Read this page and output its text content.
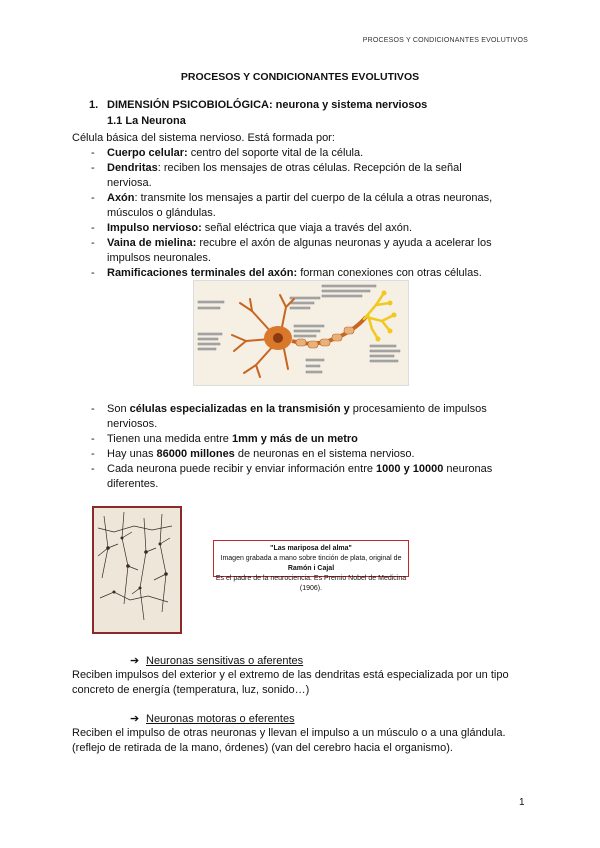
PROCESOS Y CONDICIONANTES EVOLUTIVOS
PROCESOS Y CONDICIONANTES EVOLUTIVOS
1. DIMENSIÓN PSICOBIOLÓGICA: neurona y sistema nerviosos
1.1 La Neurona
Célula básica del sistema nervioso. Está formada por:
- Cuerpo celular: centro del soporte vital de la célula.
- Dendritas: reciben los mensajes de otras células. Recepción de la señal nerviosa.
- Axón: transmite los mensajes a partir del cuerpo de la célula a otras neuronas, músculos o glándulas.
- Impulso nervioso: señal eléctrica que viaja a través del axón.
- Vaina de mielina: recubre el axón de algunas neuronas y ayuda a acelerar los impulsos neuronales.
- Ramificaciones terminales del axón: forman conexiones con otras células.
- Son células especializadas en la transmisión y procesamiento de impulsos nerviosos.
- Tienen una medida entre 1mm y más de un metro
- Hay unas 86000 millones de neuronas en el sistema nervioso.
- Cada neurona puede recibir y enviar información entre 1000 y 10000 neuronas diferentes.
"Las mariposa del alma"
Imagen grabada a mano sobre tinción de plata, original de Ramón i Cajal
Es el padre de la neurociencia. Es Premio Nobel de Medicina (1906).
➔ Neuronas sensitivas o aferentes
Reciben impulsos del exterior y el extremo de las dendritas está especializada por un tipo concreto de energía (temperatura, luz, sonido…)
➔ Neuronas motoras o eferentes
Reciben el impulso de otras neuronas y llevan el impulso a un músculo o a una glándula. (reflejo de retirada de la mano, órdenes) (van del cerebro hacia el organismo).
1
